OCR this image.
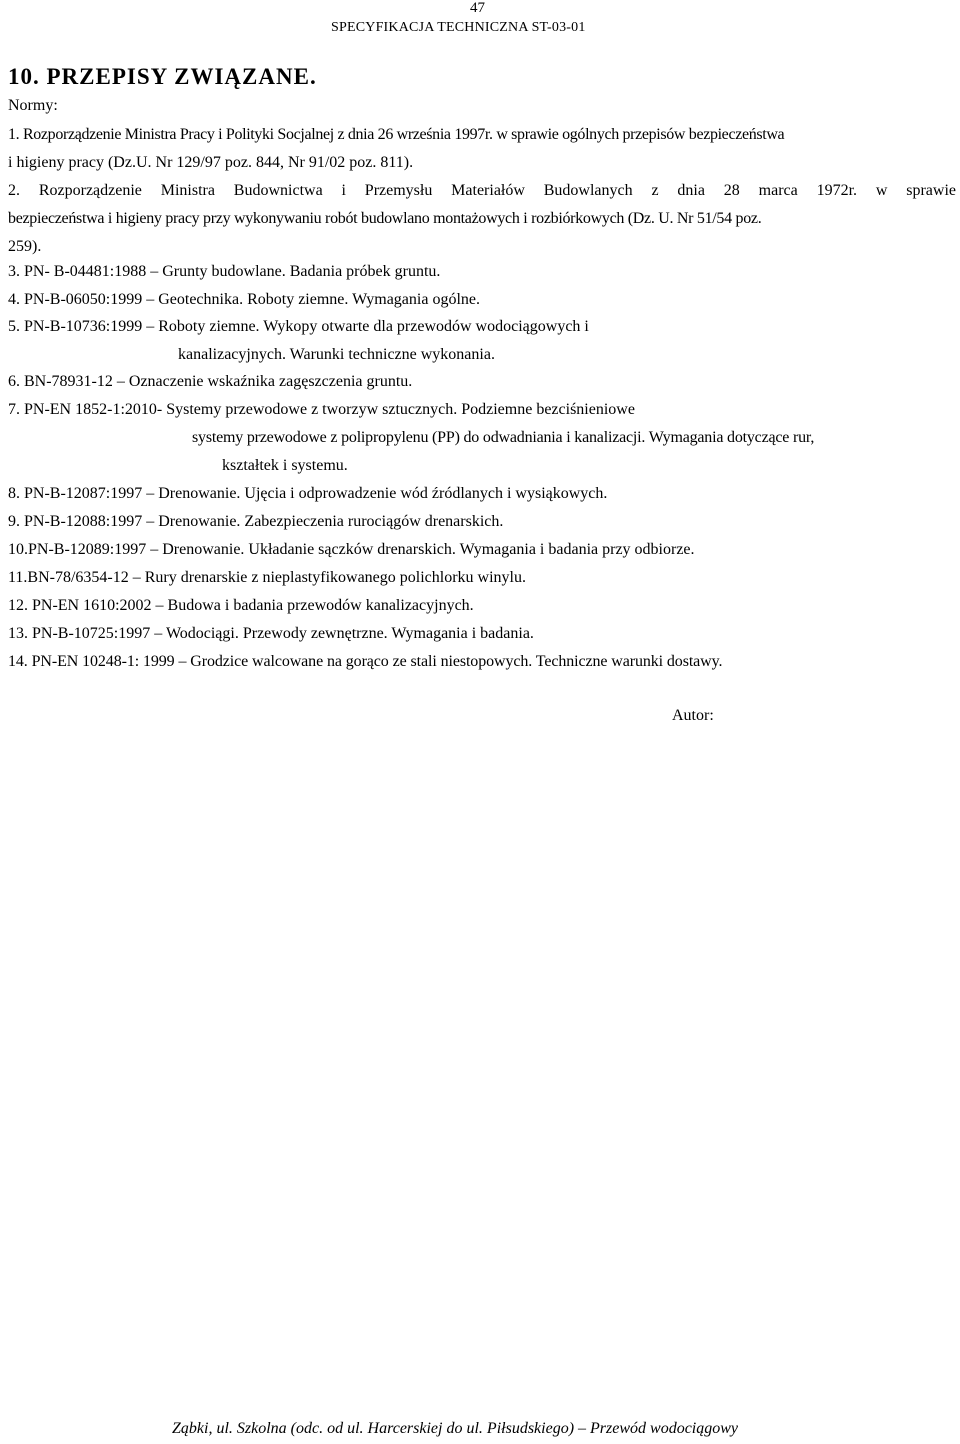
47
SPECYFIKACJA TECHNICZNA ST-03-01
10. PRZEPISY ZWIĄZANE.
Normy:
1. Rozporządzenie Ministra Pracy i Polityki Socjalnej z dnia 26 września 1997r. w sprawie ogólnych przepisów bezpieczeństwa
i higieny pracy (Dz.U. Nr 129/97 poz. 844, Nr 91/02 poz. 811).
2. Rozporządzenie Ministra Budownictwa i Przemysłu Materiałów Budowlanych z dnia 28 marca 1972r. w sprawie
bezpieczeństwa i higieny pracy przy wykonywaniu robót budowlano montażowych i rozbiórkowych (Dz. U. Nr 51/54 poz.
259).
3. PN- B-04481:1988 – Grunty budowlane. Badania próbek gruntu.
4. PN-B-06050:1999 – Geotechnika. Roboty ziemne. Wymagania ogólne.
5. PN-B-10736:1999 – Roboty ziemne. Wykopy otwarte dla przewodów wodociągowych i
kanalizacyjnych. Warunki techniczne wykonania.
6. BN-78931-12 – Oznaczenie wskaźnika zagęszczenia gruntu.
7. PN-EN 1852-1:2010- Systemy przewodowe z tworzyw sztucznych. Podziemne bezciśnieniowe
systemy przewodowe z polipropylenu (PP) do odwadniania i kanalizacji. Wymagania dotyczące rur,
kształtek i systemu.
8. PN-B-12087:1997 – Drenowanie. Ujęcia i odprowadzenie wód źródlanych i wysiąkowych.
9. PN-B-12088:1997 – Drenowanie. Zabezpieczenia rurociągów drenarskich.
10.PN-B-12089:1997 – Drenowanie. Układanie sączków drenarskich. Wymagania i badania przy odbiorze.
11.BN-78/6354-12 – Rury drenarskie z nieplastyfikowanego polichlorku winylu.
12. PN-EN 1610:2002 – Budowa i badania przewodów kanalizacyjnych.
13. PN-B-10725:1997 – Wodociągi. Przewody zewnętrzne. Wymagania i badania.
14. PN-EN 10248-1: 1999 – Grodzice walcowane na gorąco ze stali niestopowych. Techniczne warunki dostawy.
Autor:
Ząbki, ul. Szkolna (odc. od ul. Harcerskiej do ul. Piłsudskiego) – Przewód wodociągowy
